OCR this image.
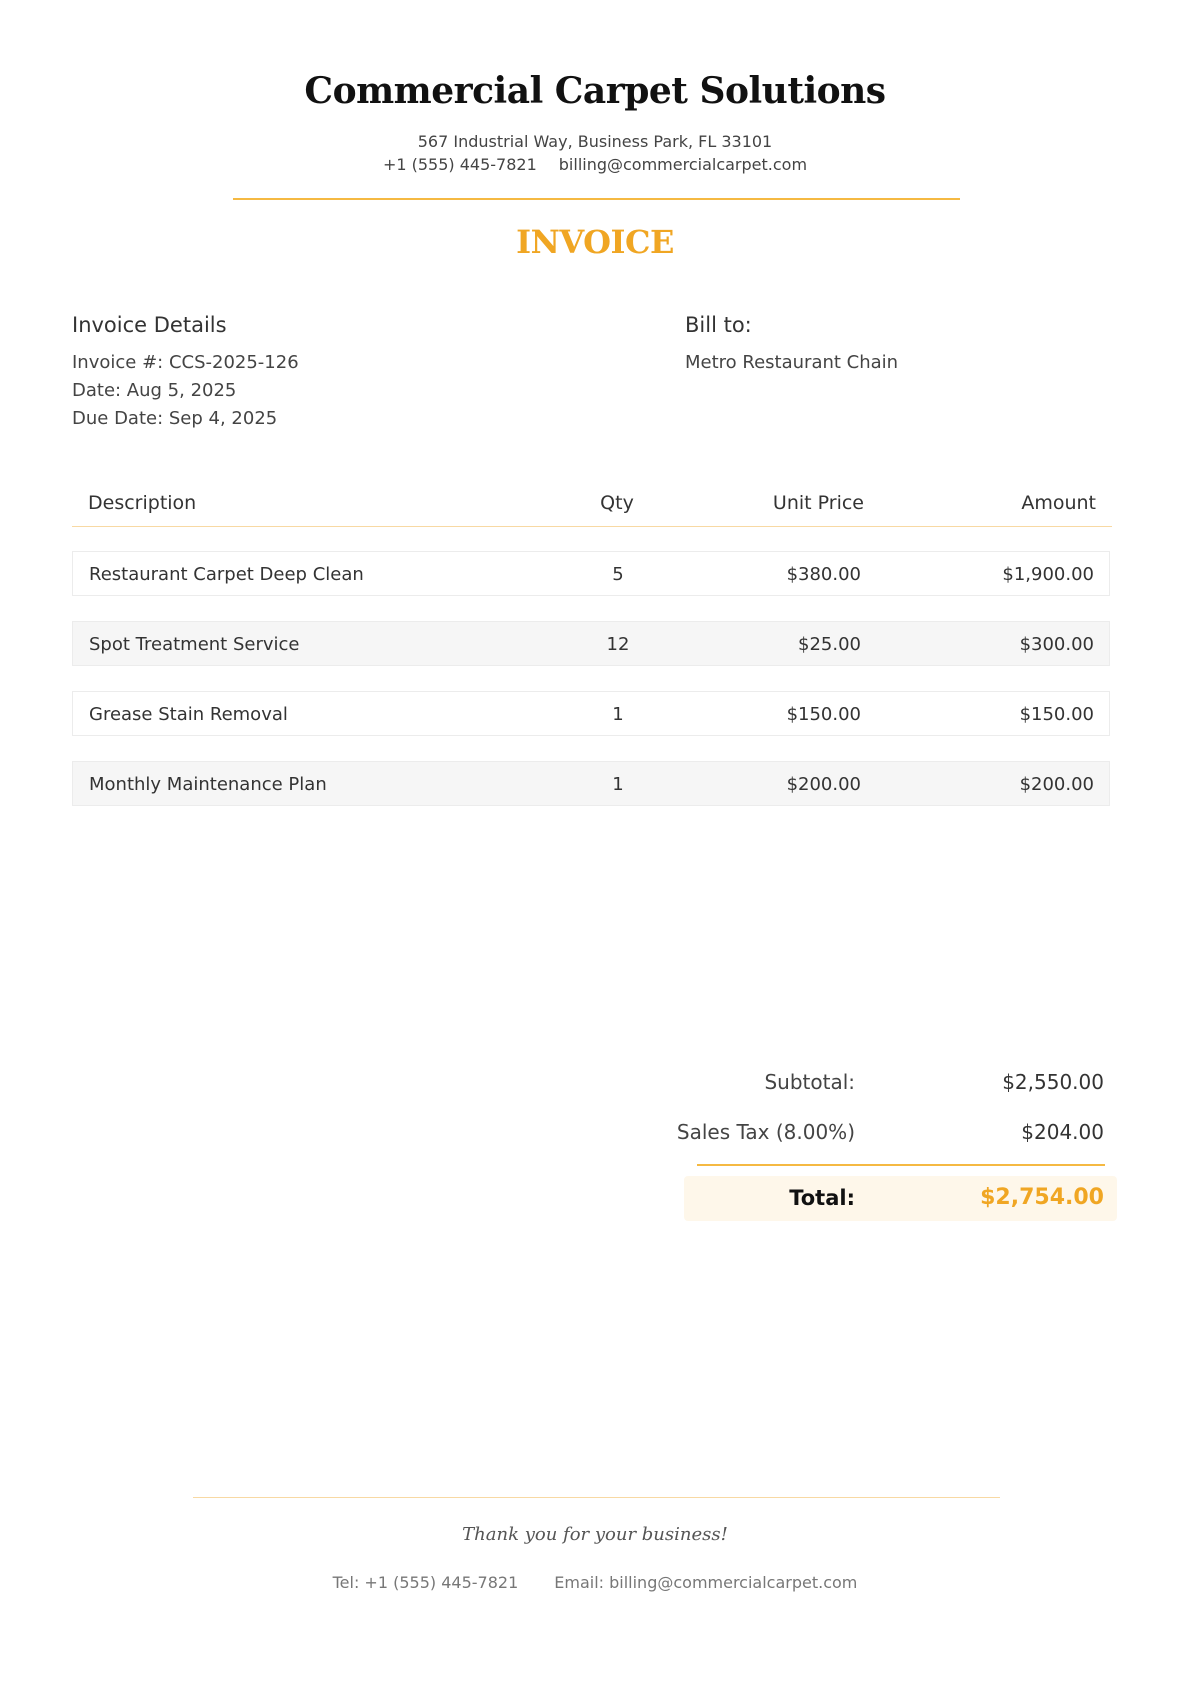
Commercial Carpet Solutions
567 Industrial Way, Business Park, FL 33101
+1 (555) 445-7821 billing@commercialcarpet.com
INVOICE
Invoice Details
Invoice #: CCS-2025-126
Date: Aug 5, 2025
Due Date: Sep 4, 2025
Bill to:
Metro Restaurant Chain
Description	Qty	Unit Price	Amount
Restaurant Carpet Deep Clean	5	$380.00	$1,900.00
Spot Treatment Service	12	$25.00	$300.00
Grease Stain Removal	1	$150.00	$150.00
Monthly Maintenance Plan	1	$200.00	$200.00
Subtotal:	$2,550.00
Sales Tax (8.00%)	$204.00
Total:	$2,754.00
Thank you for your business!
Tel: +1 (555) 445-7821 Email: billing@commercialcarpet.com
